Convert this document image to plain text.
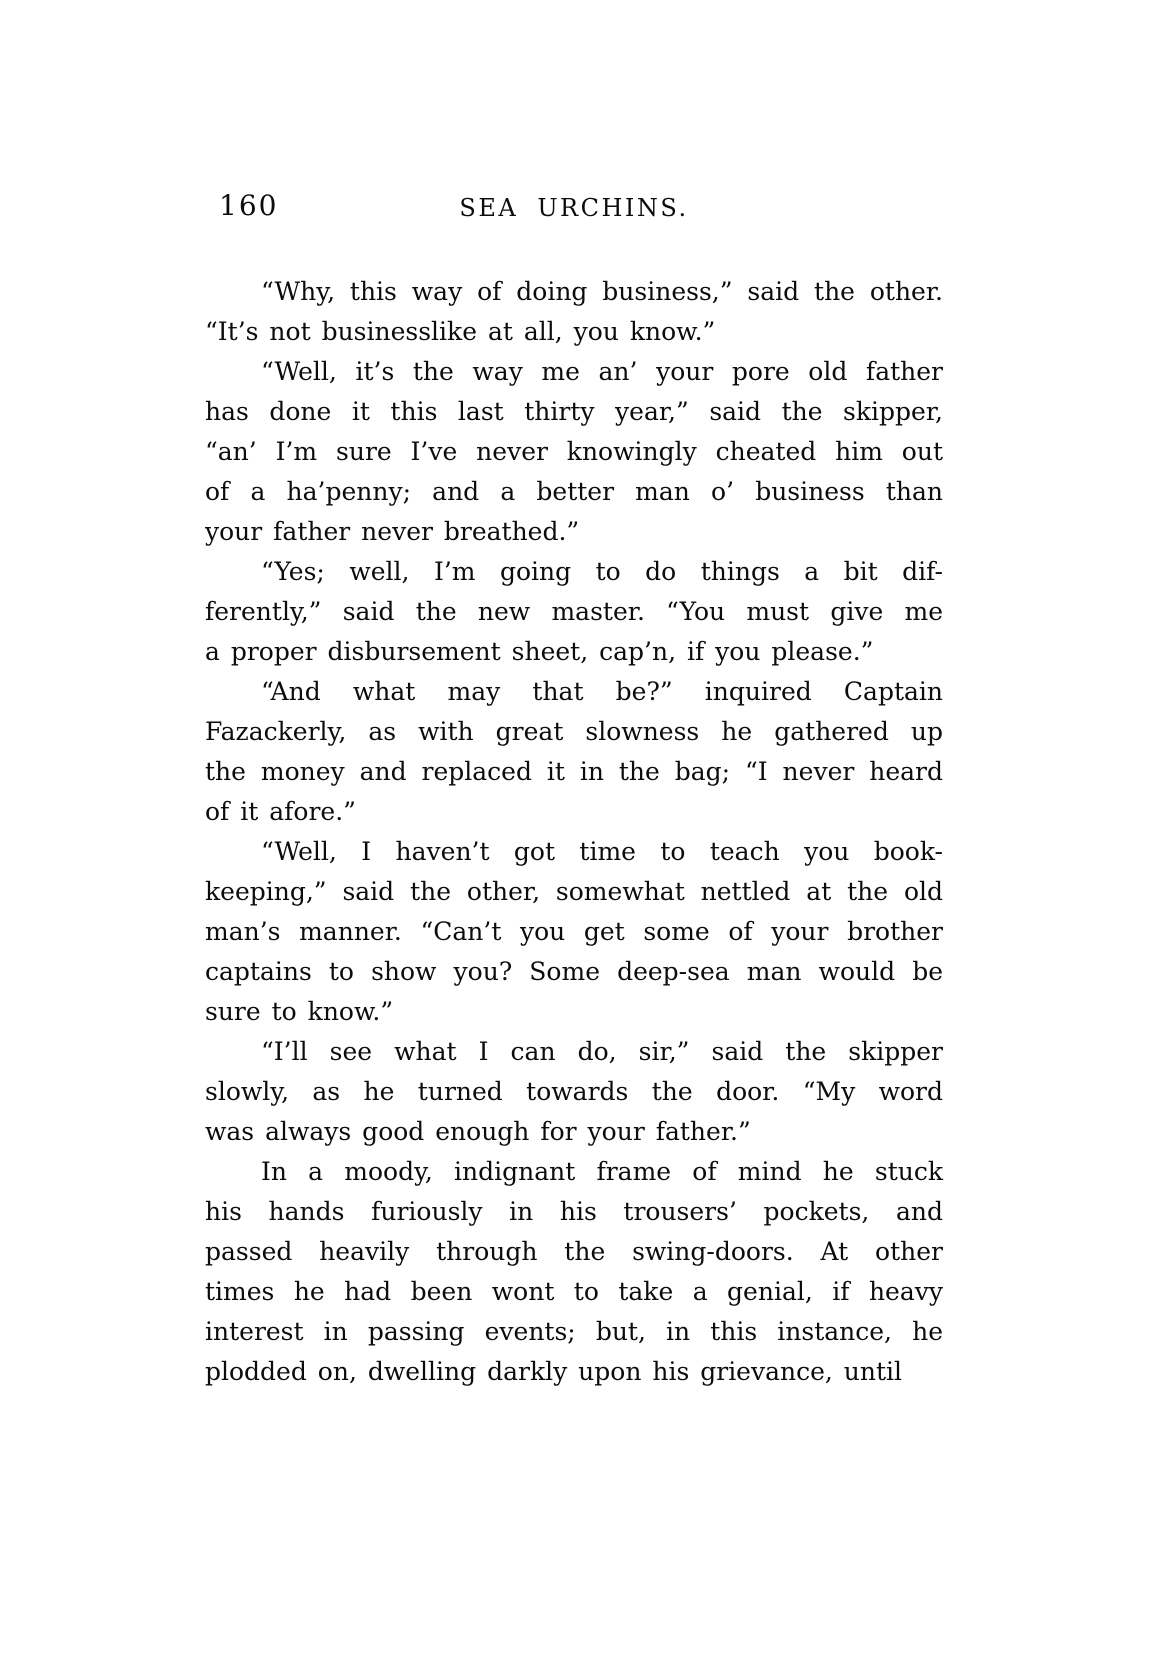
160	SEA URCHINS.
“Why, this way of doing business,” said the other.
“It’s not businesslike at all, you know.”
“Well, it’s the way me an’ your pore old father
has done it this last thirty year,” said the skipper,
“an’ I’m sure I’ve never knowingly cheated him out
of a ha’penny; and a better man o’ business than
your father never breathed.”
“Yes; well, I’m going to do things a bit dif-
ferently,” said the new master. “You must give me
a proper disbursement sheet, cap’n, if you please.”
“And what may that be?” inquired Captain
Fazackerly, as with great slowness he gathered up
the money and replaced it in the bag; “I never heard
of it afore.”
“Well, I haven’t got time to teach you book-
keeping,” said the other, somewhat nettled at the old
man’s manner. “Can’t you get some of your brother
captains to show you? Some deep-sea man would be
sure to know.”
“I’ll see what I can do, sir,” said the skipper
slowly, as he turned towards the door. “My word
was always good enough for your father.”
In a moody, indignant frame of mind he stuck
his hands furiously in his trousers’ pockets, and
passed heavily through the swing-doors. At other
times he had been wont to take a genial, if heavy
interest in passing events; but, in this instance, he
plodded on, dwelling darkly upon his grievance, until
